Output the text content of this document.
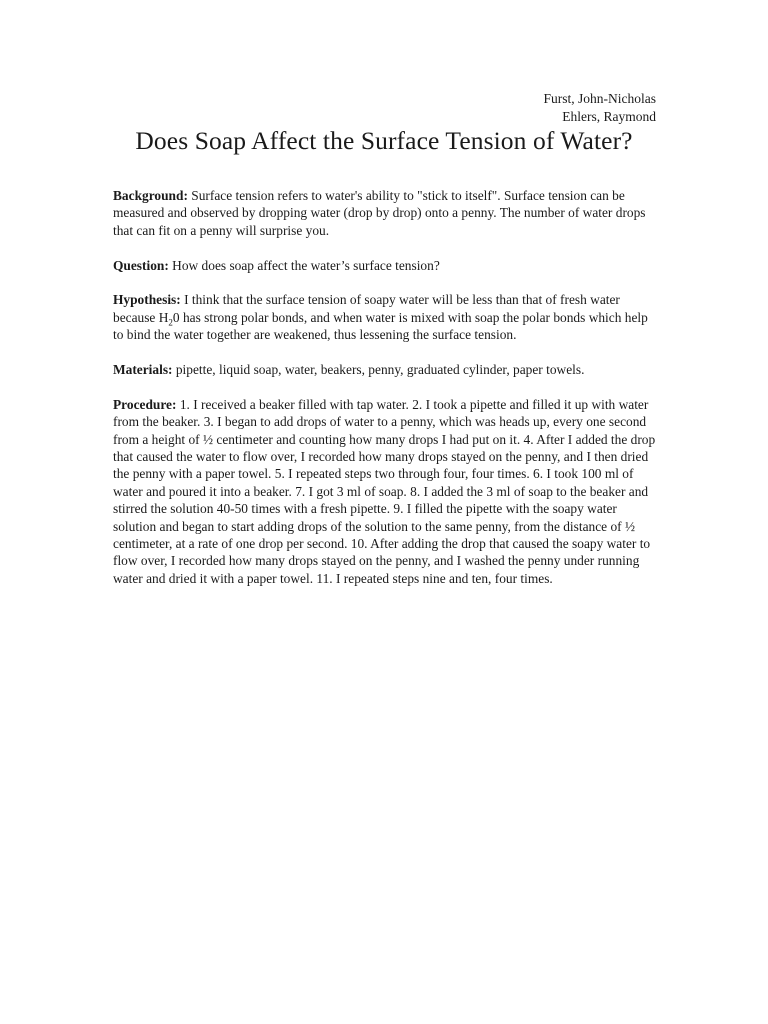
Furst, John-Nicholas
Ehlers, Raymond
Does Soap Affect the Surface Tension of Water?

Background: Surface tension refers to water's ability to "stick to itself". Surface tension can be measured and observed by dropping water (drop by drop) onto a penny. The number of water drops that can fit on a penny will surprise you.

Question: How does soap affect the water’s surface tension?

Hypothesis: I think that the surface tension of soapy water will be less than that of fresh water because $H_20$ has strong polar bonds, and when water is mixed with soap the polar bonds which help to bind the water together are weakened, thus lessening the surface tension.

Materials: pipette, liquid soap, water, beakers, penny, graduated cylinder, paper towels.

Procedure: 1. I received a beaker filled with tap water. 2. I took a pipette and filled it up with water from the beaker. 3. I began to add drops of water to a penny, which was heads up, every one second from a height of ½ centimeter and counting how many drops I had put on it. 4. After I added the drop that caused the water to flow over, I recorded how many drops stayed on the penny, and I then dried the penny with a paper towel. 5. I repeated steps two through four, four times. 6. I took 100 ml of water and poured it into a beaker. 7. I got 3 ml of soap. 8. I added the 3 ml of soap to the beaker and stirred the solution 40-50 times with a fresh pipette. 9. I filled the pipette with the soapy water solution and began to start adding drops of the solution to the same penny, from the distance of ½ centimeter, at a rate of one drop per second. 10. After adding the drop that caused the soapy water to flow over, I recorded how many drops stayed on the penny, and I washed the penny under running water and dried it with a paper towel. 11. I repeated steps nine and ten, four times.
